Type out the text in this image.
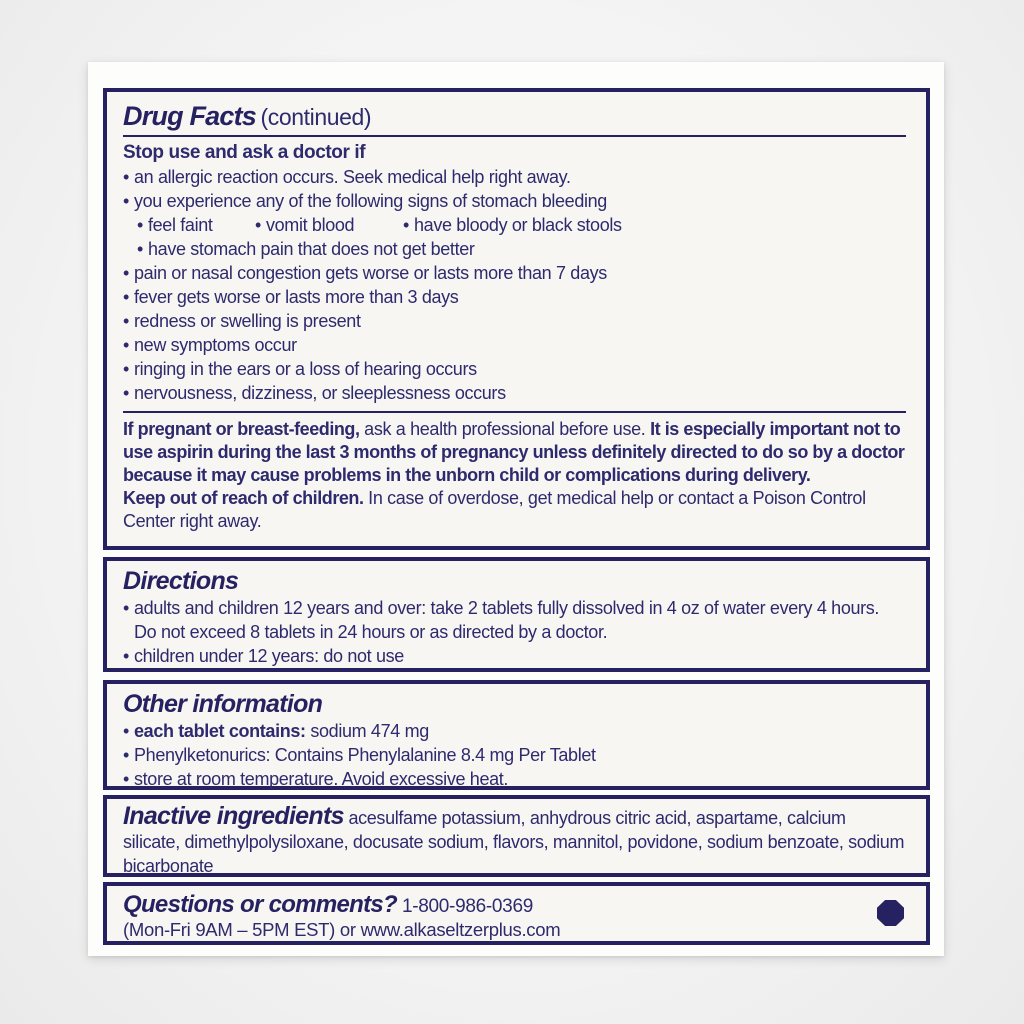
Drug Facts (continued)
Stop use and ask a doctor if
• an allergic reaction occurs. Seek medical help right away.
• you experience any of the following signs of stomach bleeding
• feel faint	• vomit blood	• have bloody or black stools
• have stomach pain that does not get better
• pain or nasal congestion gets worse or lasts more than 7 days
• fever gets worse or lasts more than 3 days
• redness or swelling is present
• new symptoms occur
• ringing in the ears or a loss of hearing occurs
• nervousness, dizziness, or sleeplessness occurs

If pregnant or breast-feeding, ask a health professional before use. It is especially important not to use aspirin during the last 3 months of pregnancy unless definitely directed to do so by a doctor because it may cause problems in the unborn child or complications during delivery.

Keep out of reach of children. In case of overdose, get medical help or contact a Poison Control Center right away.

Directions
• adults and children 12 years and over: take 2 tablets fully dissolved in 4 oz of water every 4 hours. Do not exceed 8 tablets in 24 hours or as directed by a doctor.
• children under 12 years: do not use
Other information
• each tablet contains: sodium 474 mg
• Phenylketonurics: Contains Phenylalanine 8.4 mg Per Tablet
• store at room temperature. Avoid excessive heat.

Inactive ingredients acesulfame potassium, anhydrous citric acid, aspartame, calcium silicate, dimethylpolysiloxane, docusate sodium, flavors, mannitol, povidone, sodium benzoate, sodium bicarbonate

Questions or comments? 1-800-986-0369
(Mon-Fri 9AM – 5PM EST) or www.alkaseltzerplus.com
